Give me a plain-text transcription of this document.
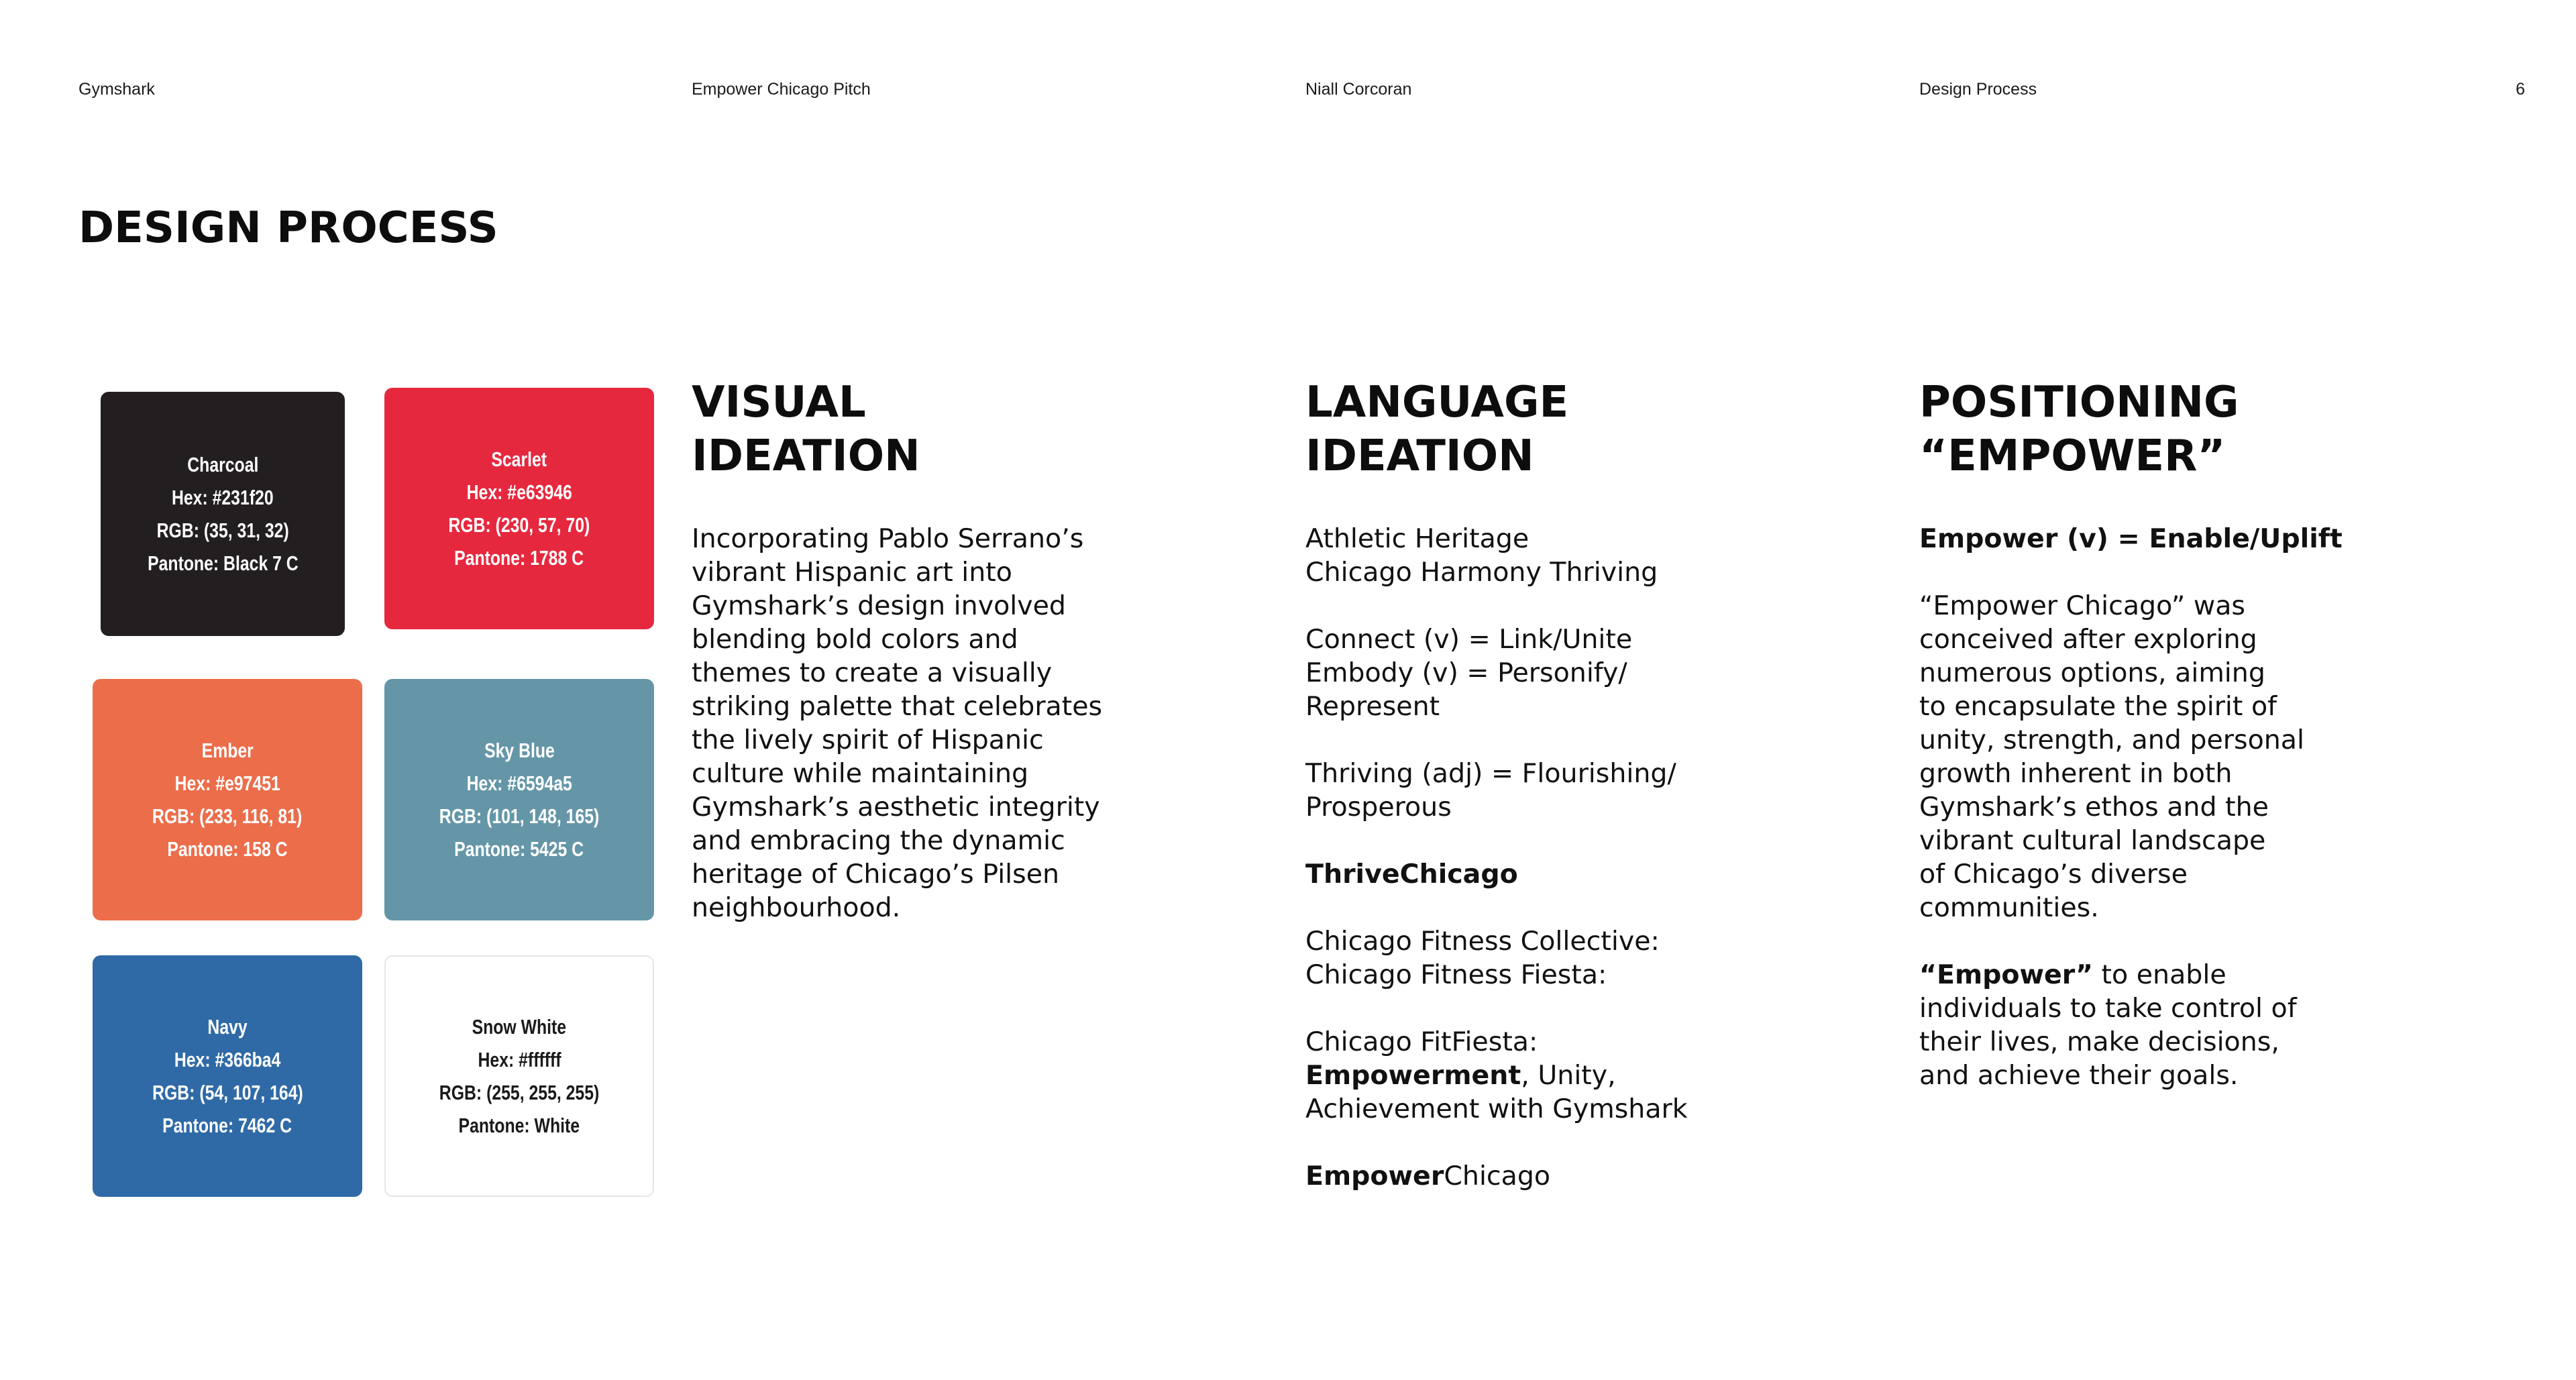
Gymshark	Empower Chicago Pitch	Niall Corcoran	Design Process	6
DESIGN PROCESS
Charcoal
Hex: #231f20
RGB: (35, 31, 32)
Pantone: Black 7 C
Scarlet
Hex: #e63946
RGB: (230, 57, 70)
Pantone: 1788 C
Ember
Hex: #e97451
RGB: (233, 116, 81)
Pantone: 158 C
Sky Blue
Hex: #6594a5
RGB: (101, 148, 165)
Pantone: 5425 C
Navy
Hex: #366ba4
RGB: (54, 107, 164)
Pantone: 7462 C
Snow White
Hex: #ffffff
RGB: (255, 255, 255)
Pantone: White
VISUAL
IDEATION

Incorporating Pablo Serrano’s

vibrant Hispanic art into

Gymshark’s design involved

blending bold colors and

themes to create a visually

striking palette that celebrates

the lively spirit of Hispanic

culture while maintaining

Gymshark’s aesthetic integrity

and embracing the dynamic

heritage of Chicago’s Pilsen

neighbourhood.

LANGUAGE
IDEATION

Athletic Heritage

Chicago Harmony Thriving

Connect (v) = Link/Unite

Embody (v) = Personify/

Represent

Thriving (adj) = Flourishing/

Prosperous

ThriveChicago

Chicago Fitness Collective:

Chicago Fitness Fiesta:

Chicago FitFiesta:

Empowerment, Unity,

Achievement with Gymshark

EmpowerChicago

POSITIONING
“EMPOWER”

Empower (v) = Enable/Uplift

“Empower Chicago” was

conceived after exploring

numerous options, aiming

to encapsulate the spirit of

unity, strength, and personal

growth inherent in both

Gymshark’s ethos and the

vibrant cultural landscape

of Chicago’s diverse

communities.

“Empower” to enable

individuals to take control of

their lives, make decisions,

and achieve their goals.
